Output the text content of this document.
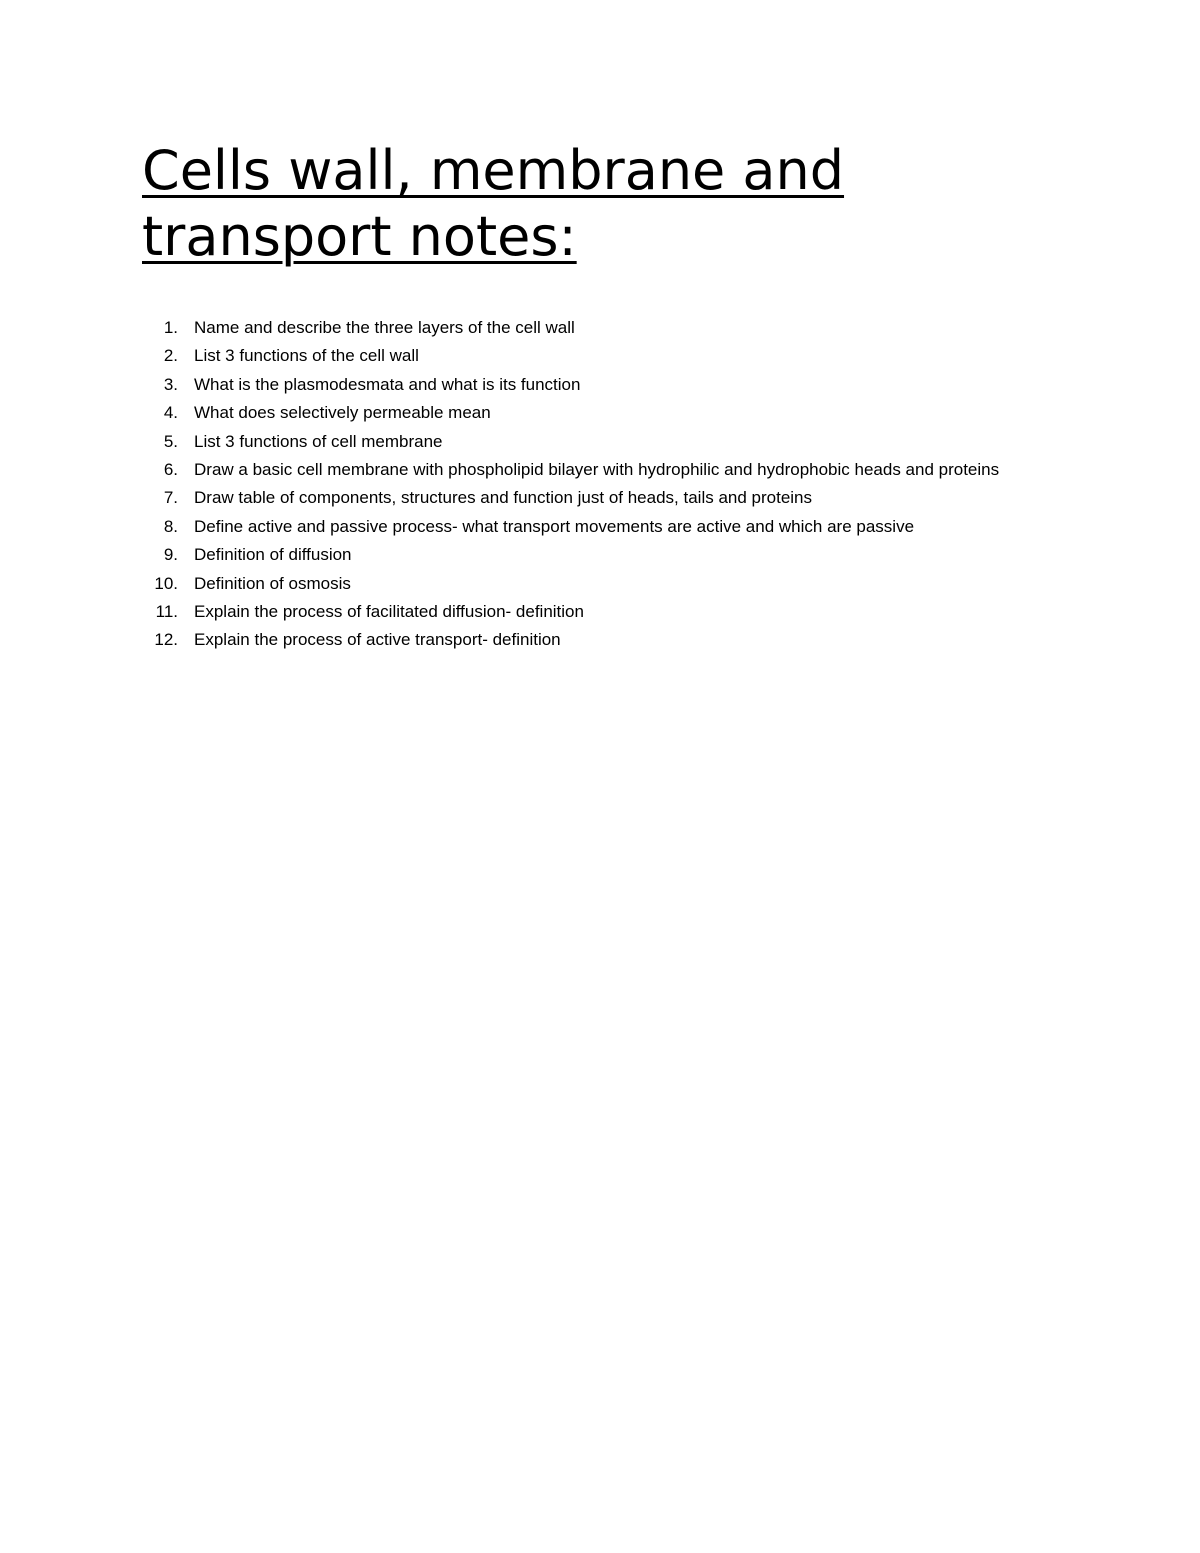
Cells wall, membrane and transport notes:
1. Name and describe the three layers of the cell wall
2. List 3 functions of the cell wall
3. What is the plasmodesmata and what is its function
4. What does selectively permeable mean
5. List 3 functions of cell membrane
6. Draw a basic cell membrane with phospholipid bilayer with hydrophilic and hydrophobic heads and proteins
7. Draw table of components, structures and function just of heads, tails and proteins
8. Define active and passive process- what transport movements are active and which are passive
9. Definition of diffusion
10. Definition of osmosis
11. Explain the process of facilitated diffusion- definition
12. Explain the process of active transport- definition
